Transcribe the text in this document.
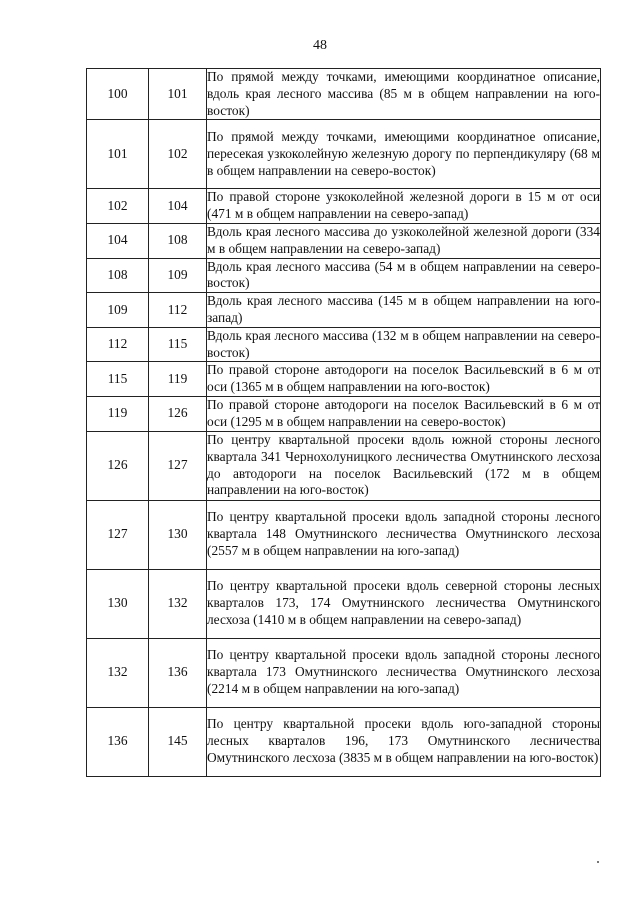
48
100	101	По прямой между точками, имеющими координатное описание, вдоль края лесного массива (85 м в общем направлении на юго-восток)
101	102	По прямой между точками, имеющими координатное описание, пересекая узкоколейную железную дорогу по перпендикуляру (68 м в общем направлении на северо-восток)
102	104	По правой стороне узкоколейной железной дороги в 15 м от оси (471 м в общем направлении на северо-запад)
104	108	Вдоль края лесного массива до узкоколейной железной дороги (334 м в общем направлении на северо-запад)
108	109	Вдоль края лесного массива (54 м в общем направлении на северо-восток)
109	112	Вдоль края лесного массива (145 м в общем направлении на юго-запад)
112	115	Вдоль края лесного массива (132 м в общем направлении на северо-восток)
115	119	По правой стороне автодороги на поселок Васильевский в 6 м от оси (1365 м в общем направлении на юго-восток)
119	126	По правой стороне автодороги на поселок Васильевский в 6 м от оси (1295 м в общем направлении на северо-восток)
126	127	По центру квартальной просеки вдоль южной стороны лесного квартала 341 Чернохолуницкого лесничества Омутнинского лесхоза до автодороги на поселок Васильевский (172 м в общем направлении на юго-восток)
127	130	По центру квартальной просеки вдоль западной стороны лесного квартала 148 Омутнинского лесничества Омутнинского лесхоза (2557 м в общем направлении на юго-запад)
130	132	По центру квартальной просеки вдоль северной стороны лесных кварталов 173, 174 Омутнинского лесничества Омутнинского лесхоза (1410 м в общем направлении на северо-запад)
132	136	По центру квартальной просеки вдоль западной стороны лесного квартала 173 Омутнинского лесничества Омутнинского лесхоза (2214 м в общем направлении на юго-запад)
136	145	По центру квартальной просеки вдоль юго-западной стороны лесных кварталов 196, 173 Омутнинского лесничества Омутнинского лесхоза (3835 м в общем направлении на юго-восток)
